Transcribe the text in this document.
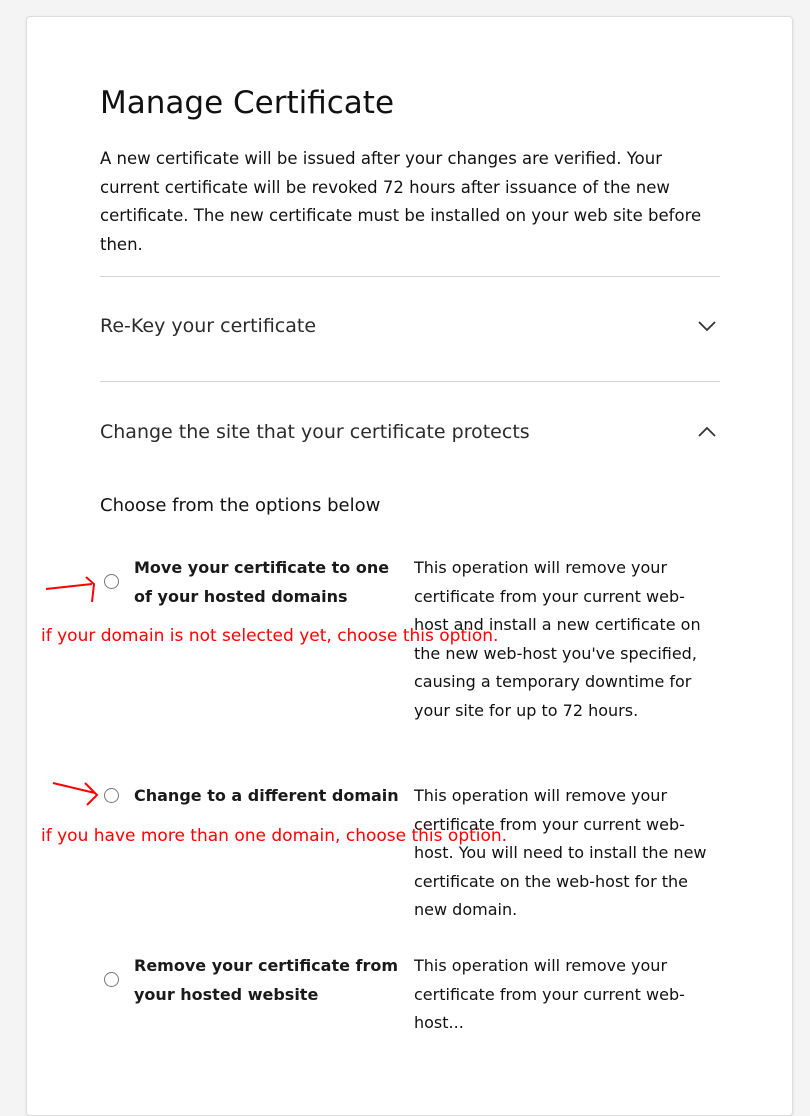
Manage Certificate
A new certificate will be issued after your changes are verified. Your current certificate will be revoked 72 hours after issuance of the new certificate. The new certificate must be installed on your web site before then.
Re-Key your certificate
Change the site that your certificate protects
Choose from the options below
Move your certificate to one of your hosted domains
This operation will remove your certificate from your current web-host and install a new certificate on the new web-host you've specified, causing a temporary downtime for your site for up to 72 hours.
if your domain is not selected yet, choose this option.
Change to a different domain This operation will remove your certificate from your current web-host. You will need to install the new certificate on the web-host for the new domain.
if you have more than one domain, choose this option.
Remove your certificate from your hosted website
This operation will remove your certificate from your current web-host...
